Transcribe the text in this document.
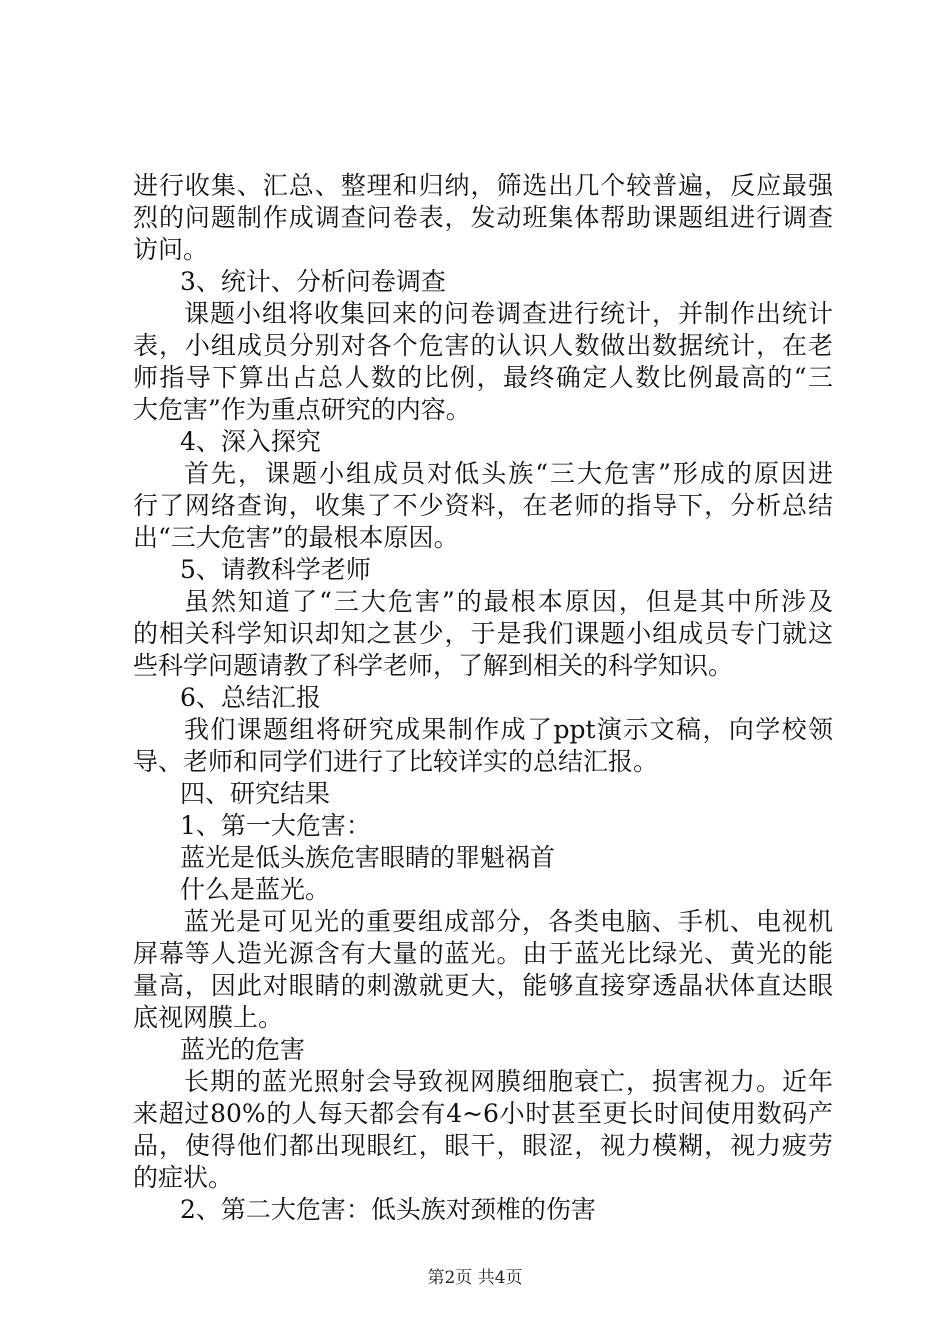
进行收集、汇总、整理和归纳，筛选出几个较普遍，反应最强
烈的问题制作成调查问卷表，发动班集体帮助课题组进行调查
访问。
3、统计、分析问卷调查
课题小组将收集回来的问卷调查进行统计，并制作出统计
表，小组成员分别对各个危害的认识人数做出数据统计，在老
师指导下算出占总人数的比例，最终确定人数比例最高的“三
大危害”作为重点研究的内容。
4、深入探究
首先，课题小组成员对低头族“三大危害”形成的原因进
行了网络查询，收集了不少资料，在老师的指导下，分析总结
出“三大危害”的最根本原因。
5、请教科学老师
虽然知道了“三大危害”的最根本原因，但是其中所涉及
的相关科学知识却知之甚少，于是我们课题小组成员专门就这
些科学问题请教了科学老师，了解到相关的科学知识。
6、总结汇报
我们课题组将研究成果制作成了ppt演示文稿，向学校领
导、老师和同学们进行了比较详实的总结汇报。
四、研究结果
1、第一大危害：
蓝光是低头族危害眼睛的罪魁祸首
什么是蓝光。
蓝光是可见光的重要组成部分，各类电脑、手机、电视机
屏幕等人造光源含有大量的蓝光。由于蓝光比绿光、黄光的能
量高，因此对眼睛的刺激就更大，能够直接穿透晶状体直达眼
底视网膜上。
蓝光的危害
长期的蓝光照射会导致视网膜细胞衰亡，损害视力。近年
来超过80%的人每天都会有4~6小时甚至更长时间使用数码产
品，使得他们都出现眼红，眼干，眼涩，视力模糊，视力疲劳
的症状。
2、第二大危害：低头族对颈椎的伤害
第2页 共4页
